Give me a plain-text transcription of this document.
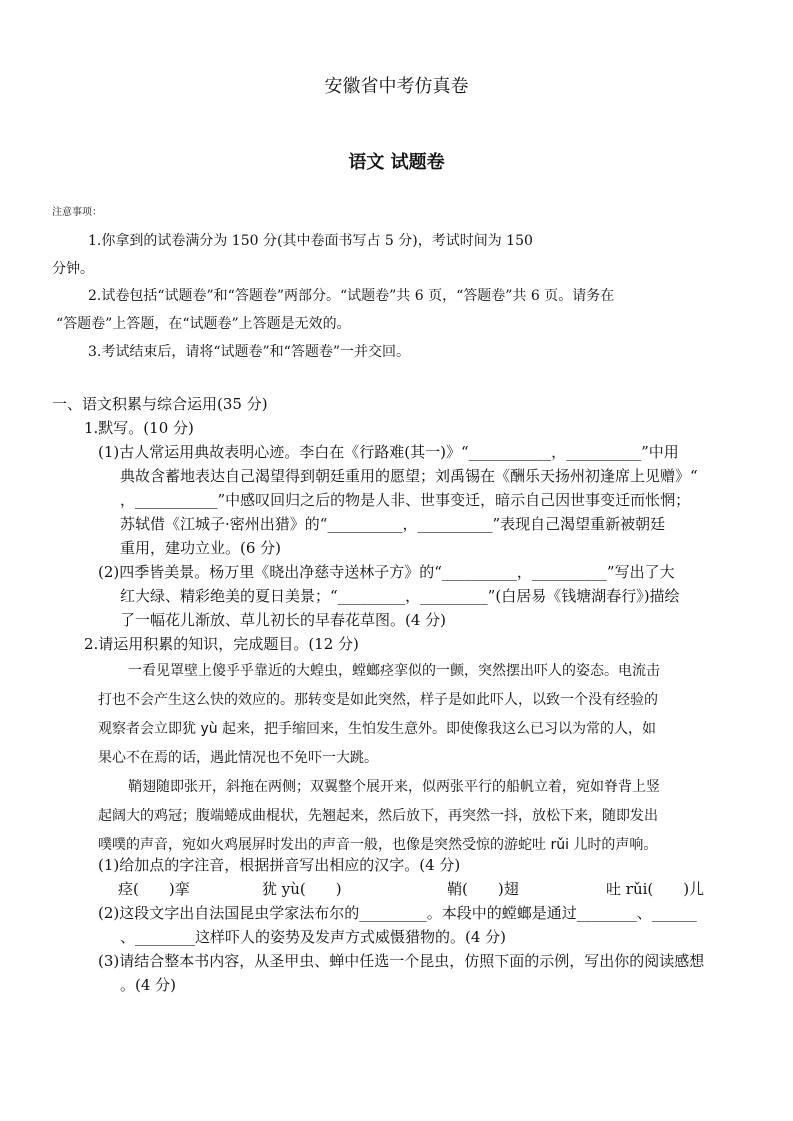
安徽省中考仿真卷
语文 试题卷
注意事项：
1.你拿到的试卷满分为 150 分(其中卷面书写占 5 分)，考试时间为 150
分钟。
2.试卷包括“试题卷”和“答题卷”两部分。“试题卷”共 6 页，“答题卷”共 6 页。请务在
“答题卷”上答题，在“试题卷”上答题是无效的。
3.考试结束后，请将“试题卷”和“答题卷”一并交回。
一、语文积累与综合运用(35 分)
1.默写。(10 分)
(1)古人常运用典故表明心迹。李白在《行路难(其一)》“___________，__________”中用
典故含蓄地表达自己渴望得到朝廷重用的愿望；刘禹锡在《酬乐天扬州初逢席上见赠》“
，___________”中感叹回归之后的物是人非、世事变迁，暗示自己因世事变迁而怅惘；
苏轼借《江城子·密州出猎》的“__________，__________”表现自己渴望重新被朝廷
重用，建功立业。(6 分)
(2)四季皆美景。杨万里《晓出净慈寺送林子方》的“__________，__________”写出了大
红大绿、精彩绝美的夏日美景；“_________，_________”(白居易《钱塘湖春行》)描绘
了一幅花儿渐放、草儿初长的早春花草图。(4 分)
2.请运用积累的知识，完成题目。(12 分)
一看见罩壁上傻乎乎靠近的大蝗虫，螳螂痉挛似的一颤，突然摆出吓人的姿态。电流击
打也不会产生这么快的效应的。那转变是如此突然，样子是如此吓人，以致一个没有经验的
观察者会立即犹 yù 起来，把手缩回来，生怕发生意外。即使像我这么已习以为常的人，如
果心不在焉的话，遇此情况也不免吓一大跳。
鞘翅随即张开，斜拖在两侧；双翼整个展开来，似两张平行的船帆立着，宛如脊背上竖
起阔大的鸡冠；腹端蜷成曲棍状，先翘起来，然后放下，再突然一抖，放松下来，随即发出
噗噗的声音，宛如火鸡展屏时发出的声音一般，也像是突然受惊的游蛇吐 rǔi 儿时的声响。
(1)给加点的字注音，根据拼音写出相应的汉字。(4 分)
痉(　　)挛	犹 yù(　　)	鞘(　　)翅	吐 rǔi(　　)儿
(2)这段文字出自法国昆虫学家法布尔的_________。本段中的螳螂是通过________、______
、________这样吓人的姿势及发声方式威慑猎物的。(4 分)
(3)请结合整本书内容，从圣甲虫、蝉中任选一个昆虫，仿照下面的示例，写出你的阅读感想
。(4 分)
